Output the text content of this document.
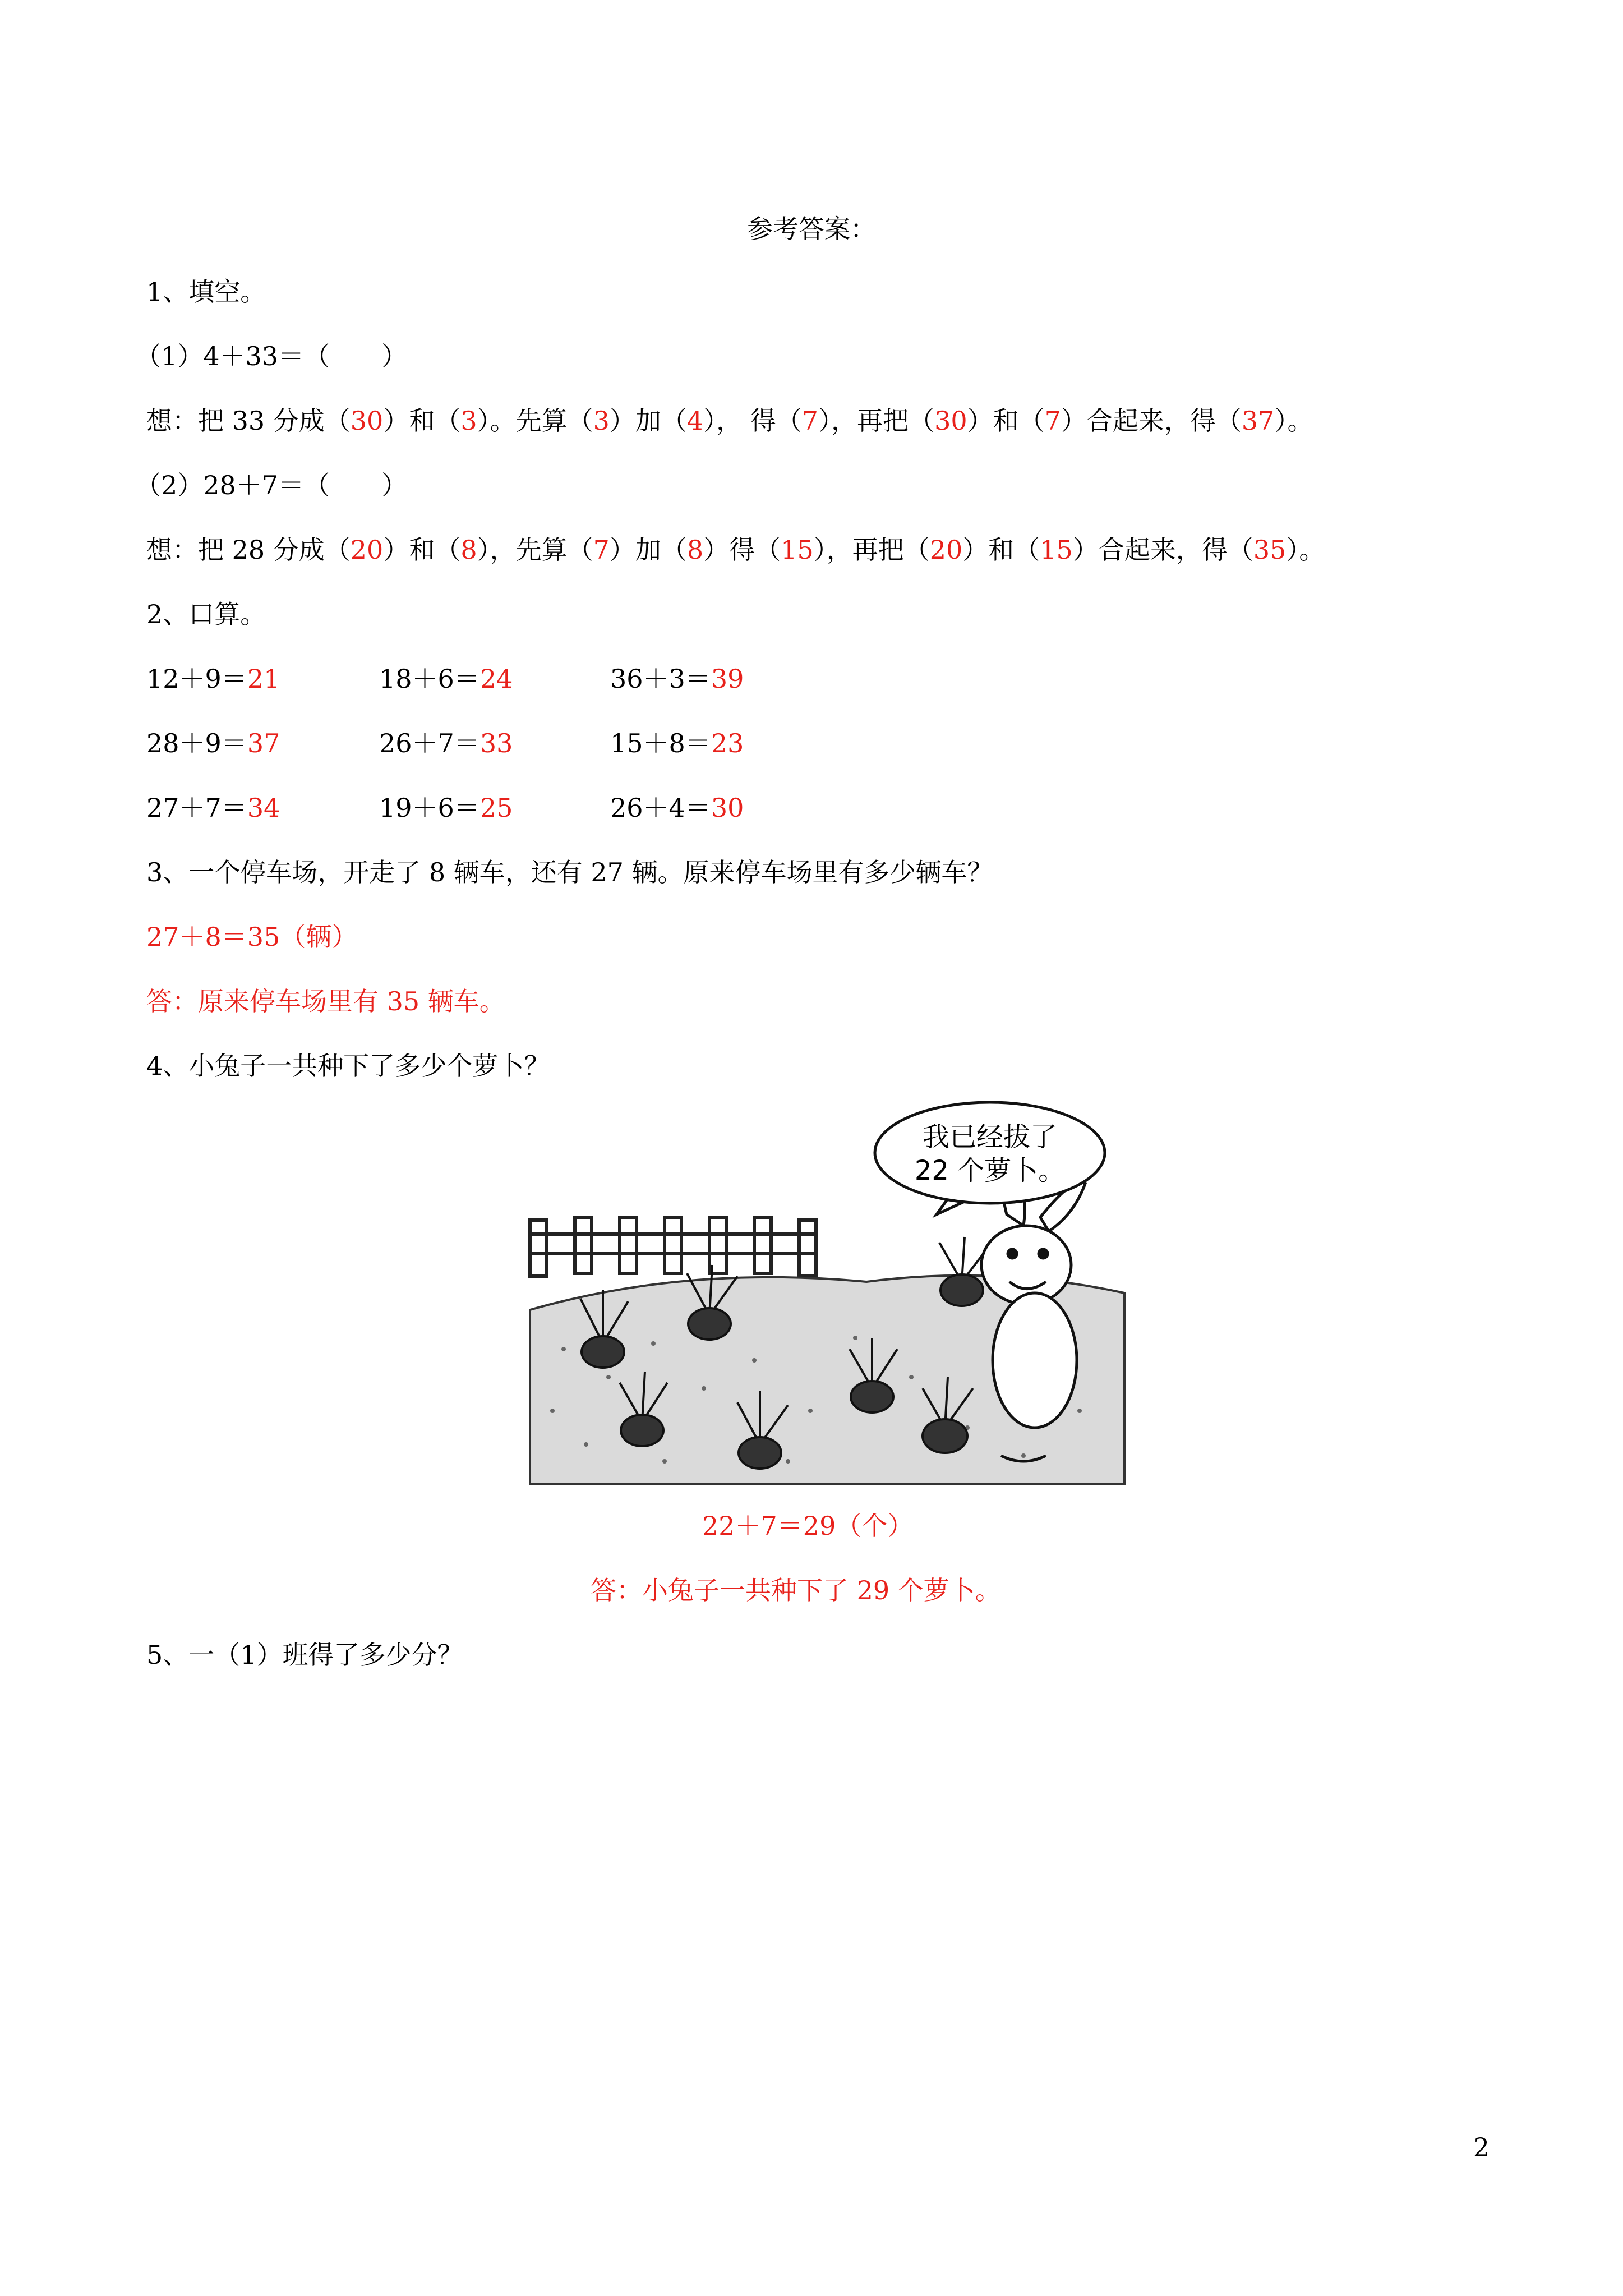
参考答案：
1、填空。
（1）4＋33＝（　　）
想：把 33 分成（30）和（3）。先算（3）加（4）， 得（7），再把（30）和（7）合起来，得（37）。
（2）28＋7＝（　　）
想：把 28 分成（20）和（8），先算（7）加（8）得（15），再把（20）和（15）合起来，得（35）。
2、口算。
12＋9＝21	18＋6＝24	36＋3＝39
28＋9＝37	26＋7＝33	15＋8＝23
27＋7＝34	19＋6＝25	26＋4＝30
3、一个停车场，开走了 8 辆车，还有 27 辆。原来停车场里有多少辆车？
27＋8＝35（辆）
答：原来停车场里有 35 辆车。
4、小兔子一共种下了多少个萝卜？
我已经拔了
22 个萝卜。
22＋7＝29（个）
答：小兔子一共种下了 29 个萝卜。
5、一（1）班得了多少分？
2
